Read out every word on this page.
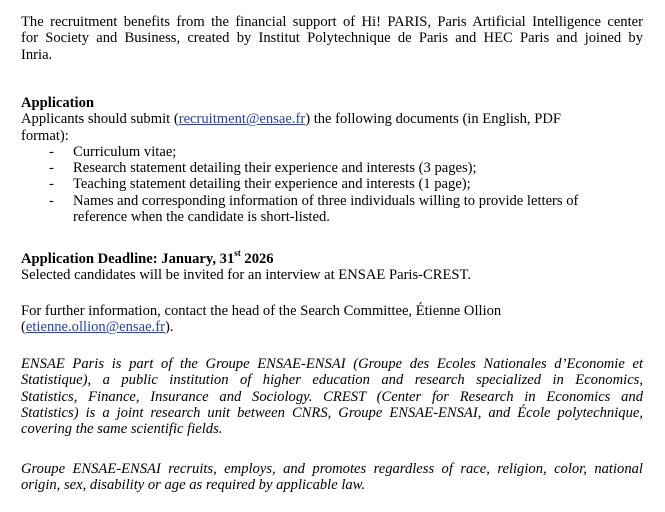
The recruitment benefits from the financial support of Hi! PARIS, Paris Artificial Intelligence center
for Society and Business, created by Institut Polytechnique de Paris and HEC Paris and joined by
Inria.
Application
Applicants should submit (recruitment@ensae.fr) the following documents (in English, PDF
format):
- Curriculum vitae;
- Research statement detailing their experience and interests (3 pages);
- Teaching statement detailing their experience and interests (1 page);
- Names and corresponding information of three individuals willing to provide letters of
reference when the candidate is short-listed.
Application Deadline: January, 31st 2026
Selected candidates will be invited for an interview at ENSAE Paris-CREST.
For further information, contact the head of the Search Committee, Étienne Ollion
(etienne.ollion@ensae.fr).
ENSAE Paris is part of the Groupe ENSAE-ENSAI (Groupe des Ecoles Nationales d’Economie et
Statistique), a public institution of higher education and research specialized in Economics,
Statistics, Finance, Insurance and Sociology. CREST (Center for Research in Economics and
Statistics) is a joint research unit between CNRS, Groupe ENSAE-ENSAI, and École polytechnique,
covering the same scientific fields.
Groupe ENSAE-ENSAI recruits, employs, and promotes regardless of race, religion, color, national
origin, sex, disability or age as required by applicable law.
